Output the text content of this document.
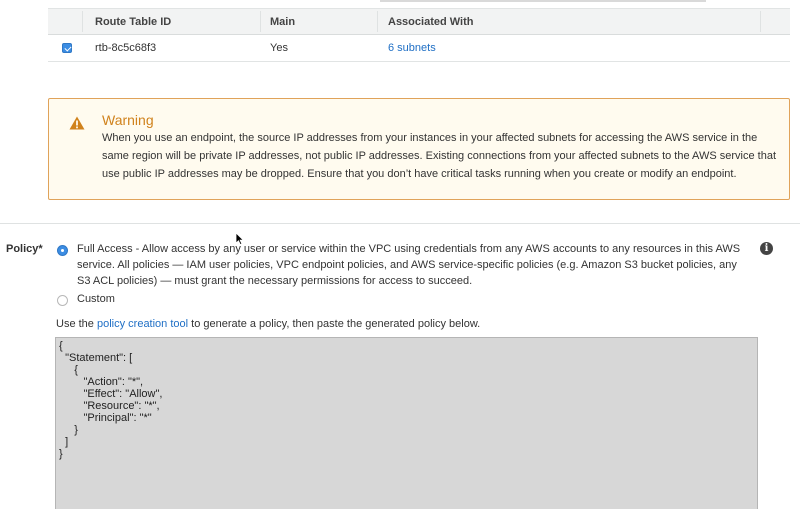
Route Table ID	Main	Associated With
rtb-8c5c68f3	Yes	6 subnets
Warning
When you use an endpoint, the source IP addresses from your instances in your affected subnets for accessing the AWS service in the same region will be private IP addresses, not public IP addresses. Existing connections from your affected subnets to the AWS service that use public IP addresses may be dropped. Ensure that you don’t have critical tasks running when you create or modify an endpoint.
Policy*	Full Access - Allow access by any user or service within the VPC using credentials from any AWS accounts to any resources in this AWS service. All policies — IAM user policies, VPC endpoint policies, and AWS service-specific policies (e.g. Amazon S3 bucket policies, any S3 ACL policies) — must grant the necessary permissions for access to succeed.
i
Custom
Use the policy creation tool to generate a policy, then paste the generated policy below.
{
"Statement": [
{
"Action": "*",
"Effect": "Allow",
"Resource": "*",
"Principal": "*"
}
]
}
